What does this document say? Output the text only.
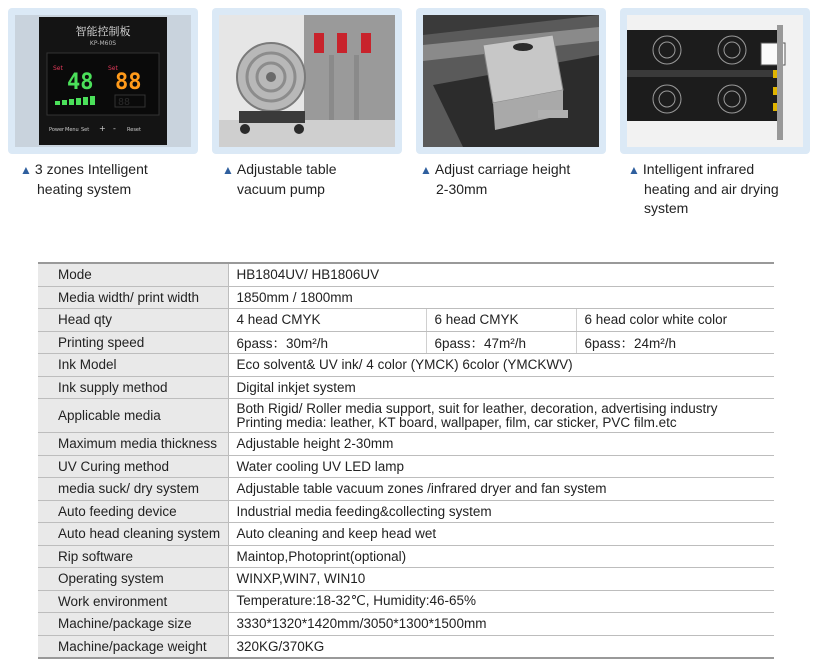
智能控制板
KP-M60S
Set
48
Set
88
88
Power Menu Set + - Reset
▲ 3 zones Intelligent
heating system
▲ Adjustable table
vacuum pump
▲ Adjust carriage height
2-30mm
▲ Intelligent infrared
heating and air drying
system
Mode	HB1804UV/ HB1806UV		
Media width/ print width	1850mm / 1800mm		
Head qty	4 head CMYK	6 head CMYK	6 head color white color
Printing speed	6pass：30m²/h	6pass：47m²/h	6pass：24m²/h
Ink Model	Eco solvent& UV ink/ 4 color (YMCK) 6color (YMCKWV)		
Ink supply method	Digital inkjet system		
Applicable media	Both Rigid/ Roller media support, suit for leather, decoration, advertising industry
Printing media: leather, KT board, wallpaper, film, car sticker, PVC film.etc		
Maximum media thickness	Adjustable height 2-30mm		
UV Curing method	Water cooling UV LED lamp		
media suck/ dry system	Adjustable table vacuum zones /infrared dryer and fan system		
Auto feeding device	Industrial media feeding&collecting system		
Auto head cleaning system	Auto cleaning and keep head wet		
Rip software	Maintop,Photoprint(optional)		
Operating system	WINXP,WIN7, WIN10		
Work environment	Temperature:18-32℃, Humidity:46-65%		
Machine/package size	3330*1320*1420mm/3050*1300*1500mm		
Machine/package weight	320KG/370KG		
